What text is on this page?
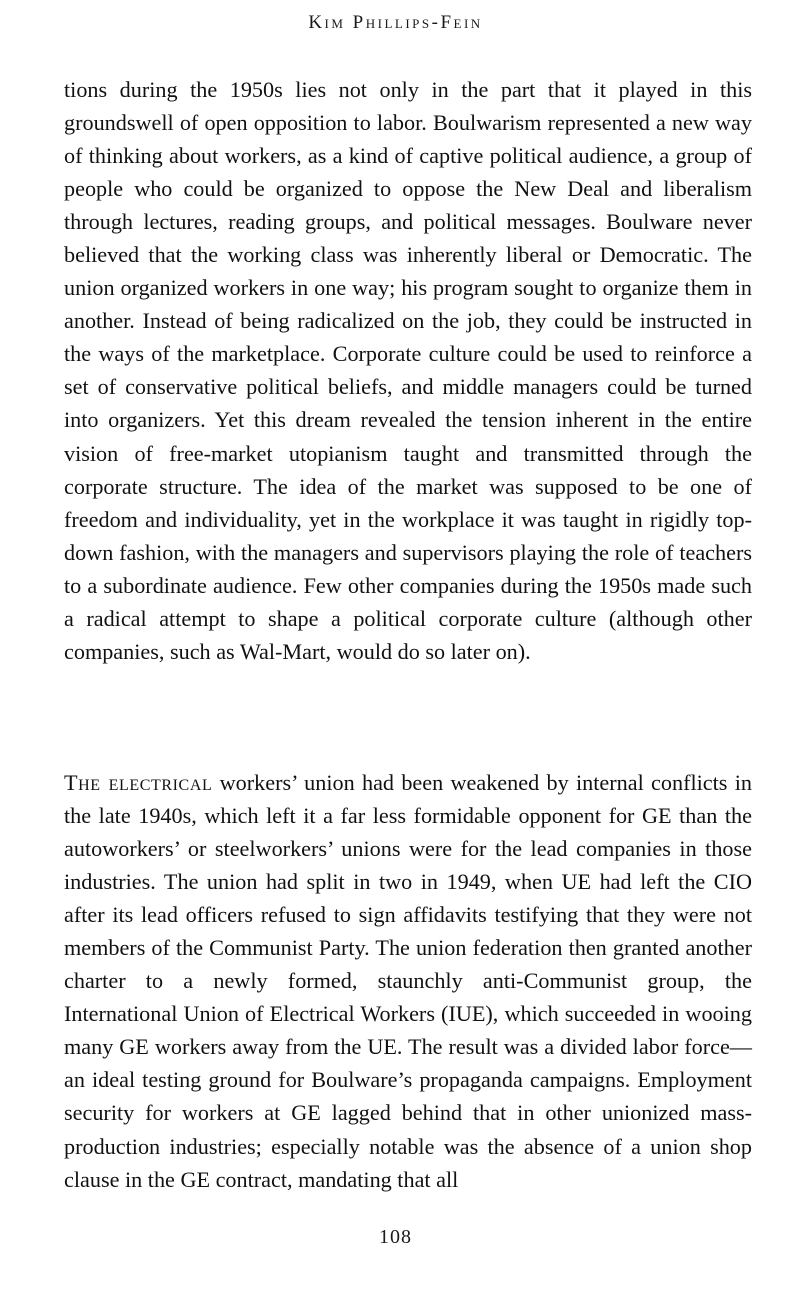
Kim Phillips-Fein

tions during the 1950s lies not only in the part that it played in this groundswell of open opposition to labor. Boulwarism represented a new way of thinking about workers, as a kind of captive political audience, a group of people who could be organized to oppose the New Deal and liberalism through lectures, reading groups, and political messages. Boulware never believed that the working class was inherently liberal or Democratic. The union organized workers in one way; his program sought to organize them in another. Instead of being radicalized on the job, they could be instructed in the ways of the marketplace. Corporate culture could be used to reinforce a set of conservative political beliefs, and middle managers could be turned into organizers. Yet this dream revealed the tension inherent in the entire vision of free-market utopianism taught and transmitted through the corporate structure. The idea of the market was supposed to be one of freedom and individuality, yet in the workplace it was taught in rigidly top-down fashion, with the managers and supervisors playing the role of teachers to a subordinate audience. Few other companies during the 1950s made such a radical attempt to shape a political corporate culture (although other companies, such as Wal-Mart, would do so later on).

The electrical workers’ union had been weakened by internal conflicts in the late 1940s, which left it a far less formidable opponent for GE than the autoworkers’ or steelworkers’ unions were for the lead companies in those industries. The union had split in two in 1949, when UE had left the CIO after its lead officers refused to sign affidavits testifying that they were not members of the Communist Party. The union federation then granted another charter to a newly formed, staunchly anti-Communist group, the International Union of Electrical Workers (IUE), which succeeded in wooing many GE workers away from the UE. The result was a divided labor force—an ideal testing ground for Boulware’s propaganda campaigns. Employment security for workers at GE lagged behind that in other unionized mass-production industries; especially notable was the absence of a union shop clause in the GE contract, mandating that all

108
